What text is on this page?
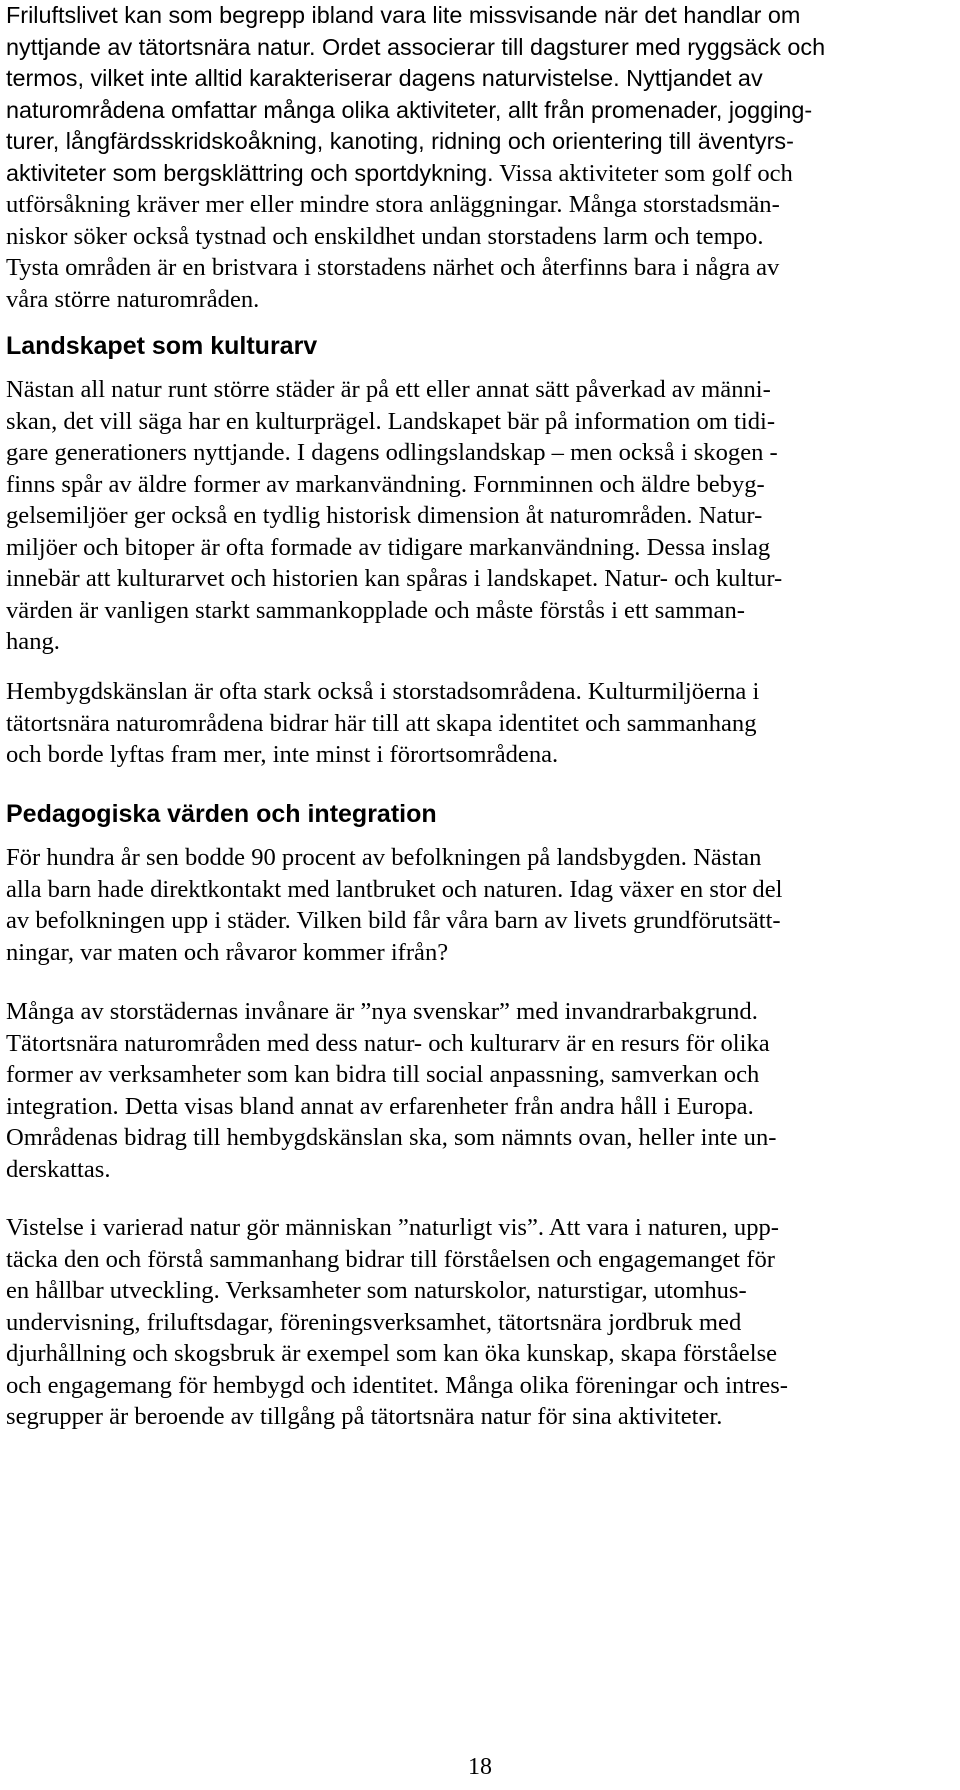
Friluftslivet kan som begrepp ibland vara lite missvisande när det handlar om
nyttjande av tätortsnära natur. Ordet associerar till dagsturer med ryggsäck och
termos, vilket inte alltid karakteriserar dagens naturvistelse. Nyttjandet av
naturområdena omfattar många olika aktiviteter, allt från promenader, jogging-
turer, långfärdsskridskoåkning, kanoting, ridning och orientering till äventyrs-
aktiviteter som bergsklättring och sportdykning. Vissa aktiviteter som golf och
utförsåkning kräver mer eller mindre stora anläggningar. Många storstadsmän-
niskor söker också tystnad och enskildhet undan storstadens larm och tempo.
Tysta områden är en bristvara i storstadens närhet och återfinns bara i några av
våra större naturområden.
Landskapet som kulturarv
Nästan all natur runt större städer är på ett eller annat sätt påverkad av männi-
skan, det vill säga har en kulturprägel. Landskapet bär på information om tidi-
gare generationers nyttjande. I dagens odlingslandskap – men också i skogen -
finns spår av äldre former av markanvändning. Fornminnen och äldre bebyg-
gelsemiljöer ger också en tydlig historisk dimension åt naturområden. Natur-
miljöer och bitoper är ofta formade av tidigare markanvändning. Dessa inslag
innebär att kulturarvet och historien kan spåras i landskapet. Natur- och kultur-
värden är vanligen starkt sammankopplade och måste förstås i ett samman-
hang.
Hembygdskänslan är ofta stark också i storstadsområdena. Kulturmiljöerna i
tätortsnära naturområdena bidrar här till att skapa identitet och sammanhang
och borde lyftas fram mer, inte minst i förortsområdena.
Pedagogiska värden och integration
För hundra år sen bodde 90 procent av befolkningen på landsbygden. Nästan
alla barn hade direktkontakt med lantbruket och naturen. Idag växer en stor del
av befolkningen upp i städer. Vilken bild får våra barn av livets grundförutsätt-
ningar, var maten och råvaror kommer ifrån?
Många av storstädernas invånare är ”nya svenskar” med invandrarbakgrund.
Tätortsnära naturområden med dess natur- och kulturarv är en resurs för olika
former av verksamheter som kan bidra till social anpassning, samverkan och
integration. Detta visas bland annat av erfarenheter från andra håll i Europa.
Områdenas bidrag till hembygdskänslan ska, som nämnts ovan, heller inte un-
derskattas.
Vistelse i varierad natur gör människan ”naturligt vis”. Att vara i naturen, upp-
täcka den och förstå sammanhang bidrar till förståelsen och engagemanget för
en hållbar utveckling. Verksamheter som naturskolor, naturstigar, utomhus-
undervisning, friluftsdagar, föreningsverksamhet, tätortsnära jordbruk med
djurhållning och skogsbruk är exempel som kan öka kunskap, skapa förståelse
och engagemang för hembygd och identitet. Många olika föreningar och intres-
segrupper är beroende av tillgång på tätortsnära natur för sina aktiviteter.
18
